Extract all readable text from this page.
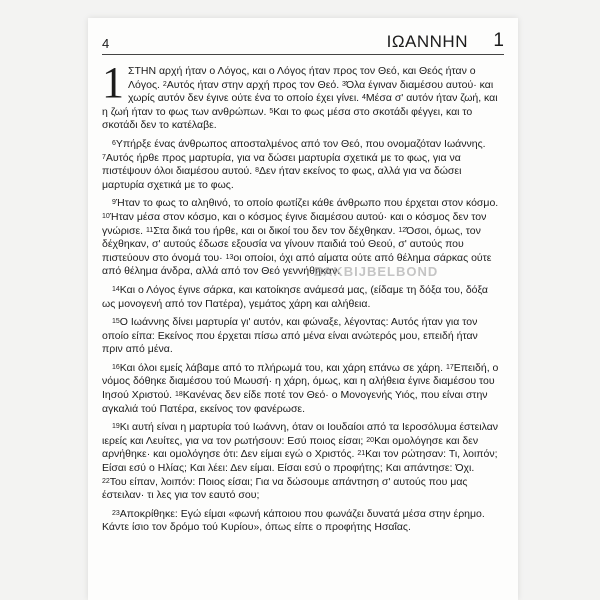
4	ΙΩΑΝΝΗΝ 1

1 ΣΤΗΝ αρχή ήταν ο Λόγος, και ο Λόγος ήταν προς τον Θεό, και Θεός ήταν ο Λόγος. $^2$Αυτός ήταν στην αρχή προς τον Θεό. $^3$Όλα έγιναν διαμέσου αυτού· και χωρίς αυτόν δεν έγινε ούτε ένα το οποίο έχει γίνει. $^4$Μέσα σ' αυτόν ήταν ζωή, και η ζωή ήταν το φως των ανθρώπων. $^5$Και το φως μέσα στο σκοτάδι φέγγει, και το σκοτάδι δεν το κατέλαβε.

$^6$Υπήρξε ένας άνθρωπος αποσταλμένος από τον Θεό, που ονομαζόταν Ιωάννης. $^7$Αυτός ήρθε προς μαρτυρία, για να δώσει μαρτυρία σχετικά με το φως, για να πιστέψουν όλοι διαμέσου αυτού. $^8$Δεν ήταν εκείνος το φως, αλλά για να δώσει μαρτυρία σχετικά με το φως.

$^9$Ήταν το φως το αληθινό, το οποίο φωτίζει κάθε άνθρωπο που έρχεται στον κόσμο. $^{10}$Ήταν μέσα στον κόσμο, και ο κόσμος έγινε διαμέσου αυτού· και ο κόσμος δεν τον γνώρισε. $^{11}$Στα δικά του ήρθε, και οι δικοί του δεν τον δέχθηκαν. $^{12}$Όσοι, όμως, τον δέχθηκαν, σ' αυτούς έδωσε εξουσία να γίνουν παιδιά τού Θεού, σ' αυτούς που πιστεύουν στο όνομά του· $^{13}$οι οποίοι, όχι από αίματα ούτε από θέλημα σάρκας ούτε από θέλημα άνδρα, αλλά από τον Θεό γεννήθηκαν.

$^{14}$Και ο Λόγος έγινε σάρκα, και κατοίκησε ανάμεσά μας, (είδαμε τη δόξα του, δόξα ως μονογενή από τον Πατέρα), γεμάτος χάρη και αλήθεια.

$^{15}$Ο Ιωάννης δίνει μαρτυρία γι' αυτόν, και φώναξε, λέγοντας: Αυτός ήταν για τον οποίο είπα: Εκείνος που έρχεται πίσω από μένα είναι ανώτερός μου, επειδή ήταν πριν από μένα.

$^{16}$Και όλοι εμείς λάβαμε από το πλήρωμά του, και χάρη επάνω σε χάρη. $^{17}$Επειδή, ο νόμος δόθηκε διαμέσου τού Μωυσή· η χάρη, όμως, και η αλήθεια έγινε διαμέσου του Ιησού Χριστού. $^{18}$Κανένας δεν είδε ποτέ τον Θεό· ο Μονογενής Υιός, που είναι στην αγκαλιά τού Πατέρα, εκείνος τον φανέρωσε.

$^{19}$Κι αυτή είναι η μαρτυρία τού Ιωάννη, όταν οι Ιουδαίοι από τα Ιεροσόλυμα έστειλαν ιερείς και Λευίτες, για να τον ρωτήσουν: Εσύ ποιος είσαι; $^{20}$Και ομολόγησε και δεν αρνήθηκε· και ομολόγησε ότι: Δεν είμαι εγώ ο Χριστός. $^{21}$Και τον ρώτησαν: Τι, λοιπόν; Είσαι εσύ ο Ηλίας; Και λέει: Δεν είμαι. Είσαι εσύ ο προφήτης; Και απάντησε: Όχι. $^{22}$Του είπαν, λοιπόν: Ποιος είσαι; Για να δώσουμε απάντηση σ' αυτούς που μας έστειλαν· τι λες για τον εαυτό σου;

$^{23}$Αποκρίθηκε: Εγώ είμαι «φωνή κάποιου που φωνάζει δυνατά μέσα στην έρημο. Κάντε ίσιο τον δρόμο τού Κυρίου», όπως είπε ο προφήτης Ησαΐας.

ZAKBIJBELBOND
